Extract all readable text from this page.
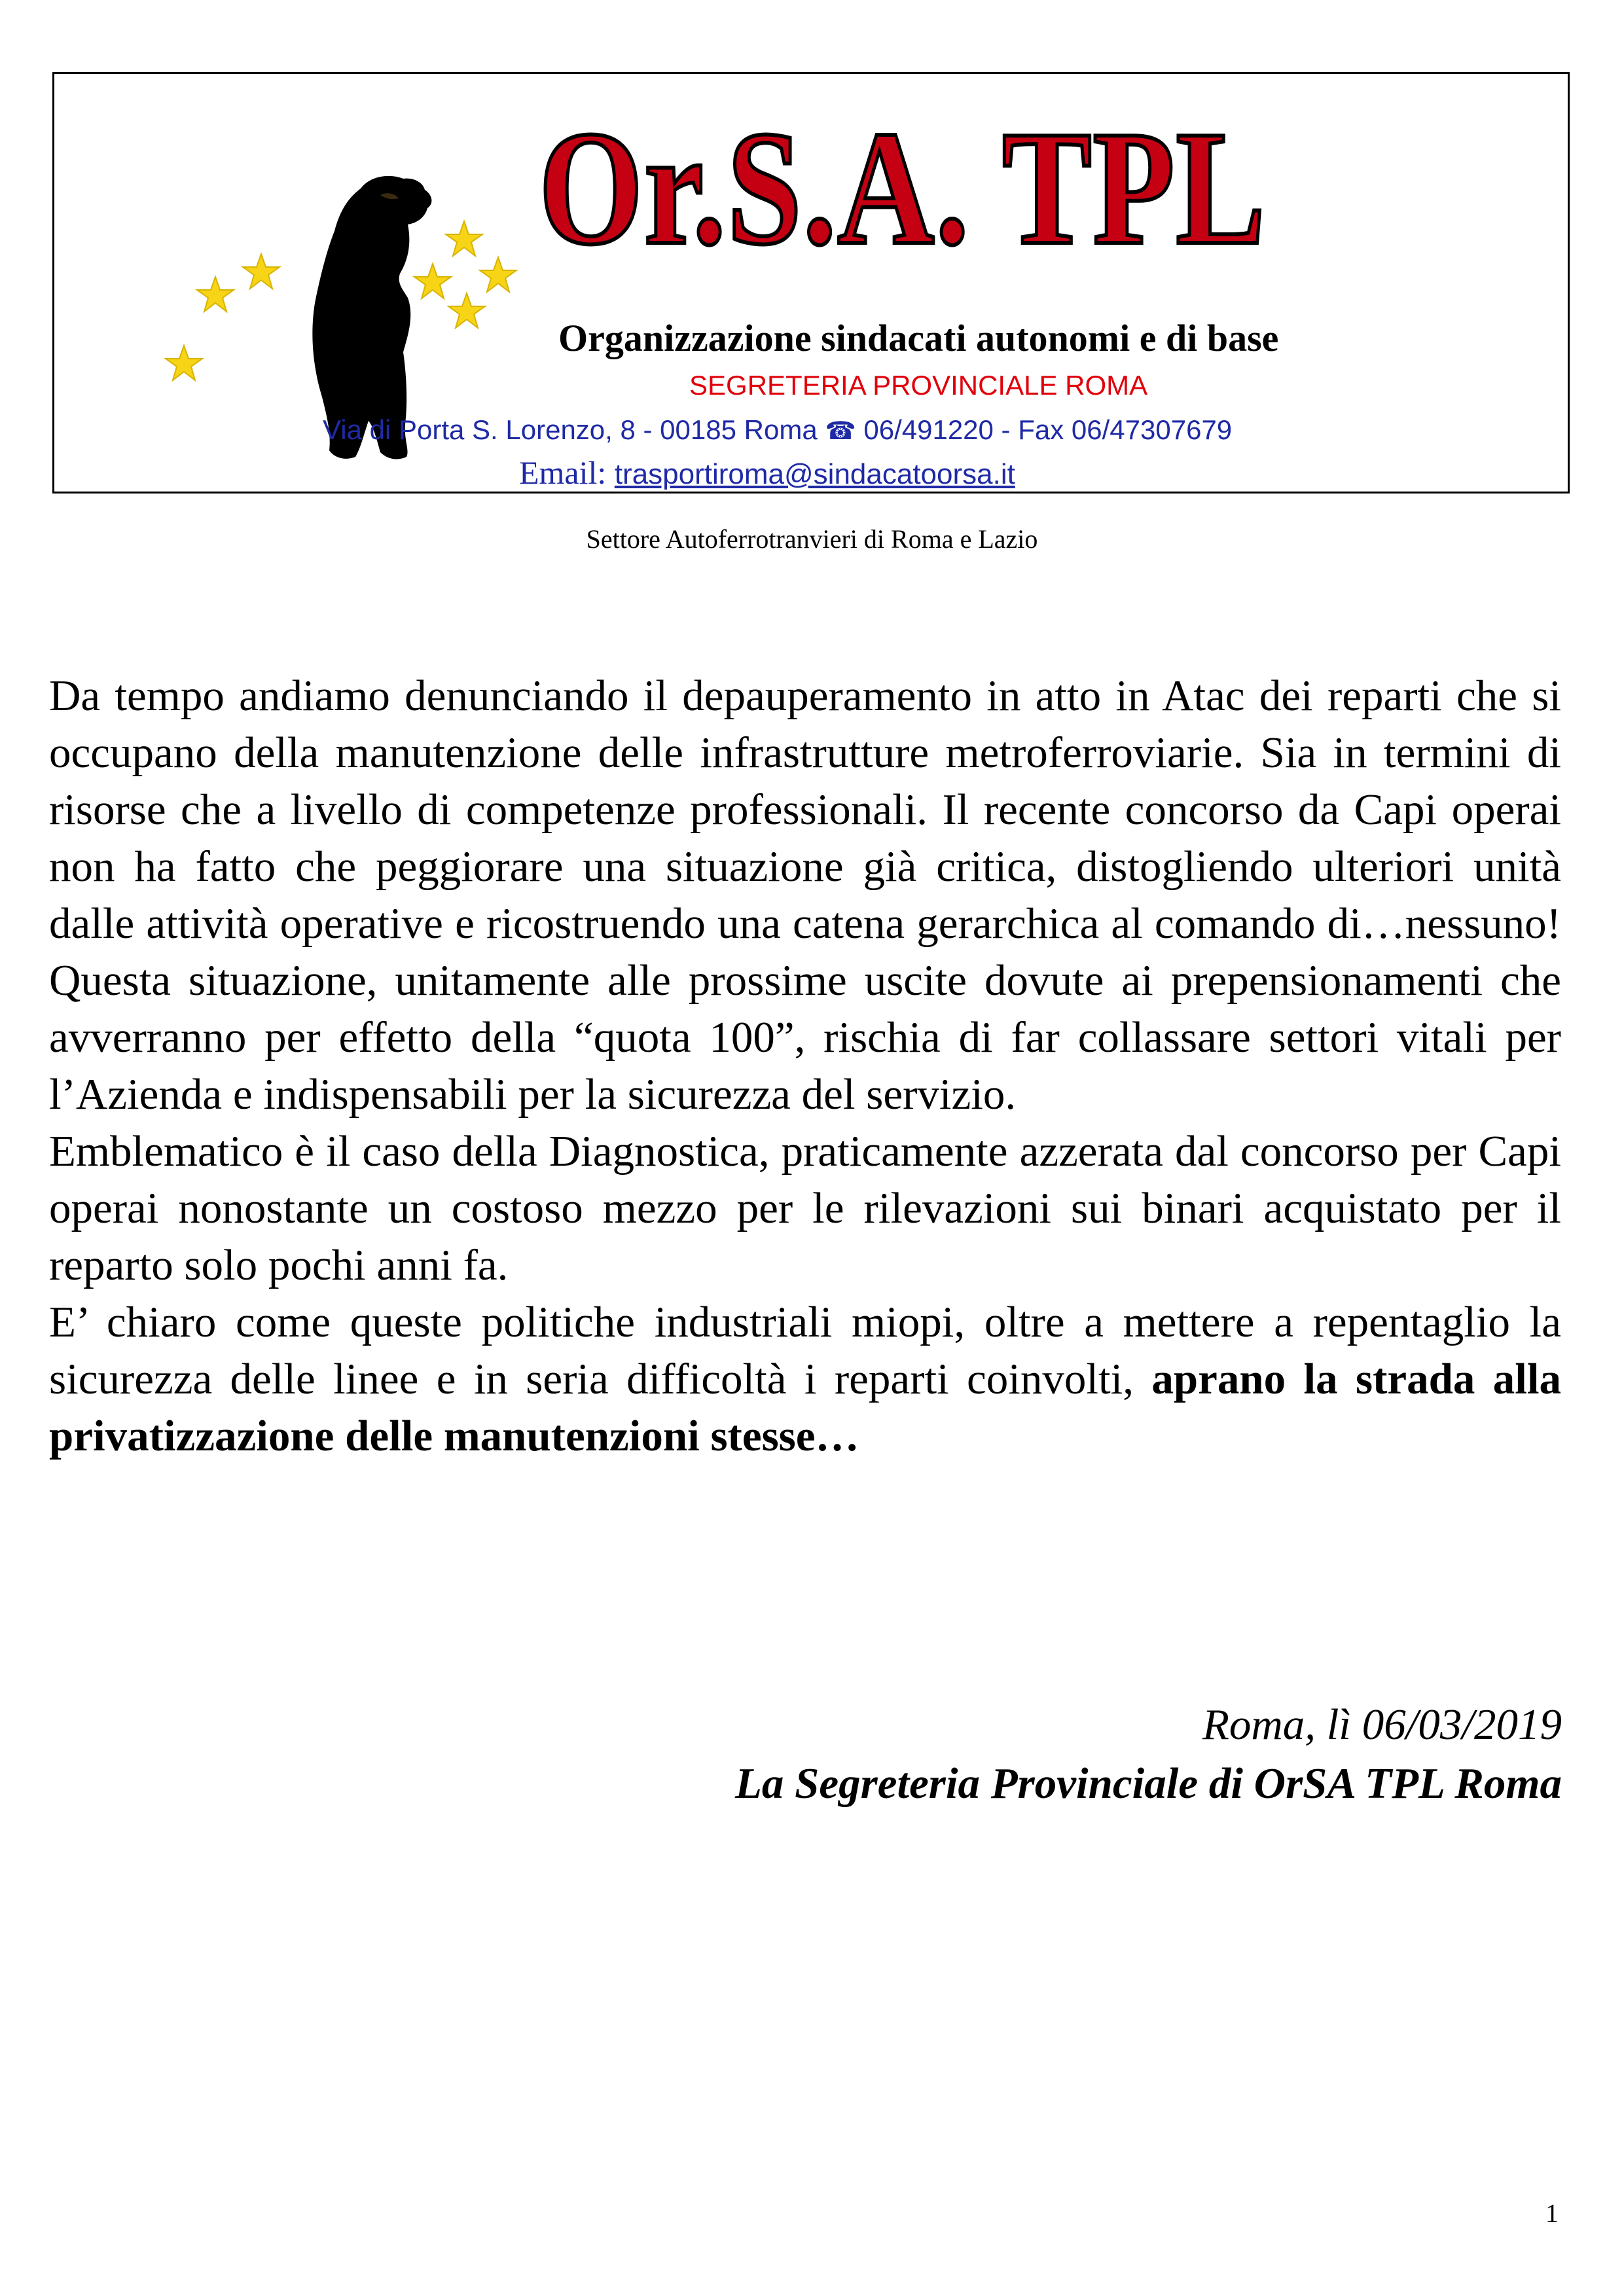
Or.S.A. TPL
Organizzazione sindacati autonomi e di base
SEGRETERIA PROVINCIALE ROMA
Via di Porta S. Lorenzo, 8 - 00185 Roma ☎ 06/491220 - Fax 06/47307679
Email: trasportiroma@sindacatoorsa.it
Settore Autoferrotranvieri di Roma e Lazio

Da tempo andiamo denunciando il depauperamento in atto in Atac dei reparti che si occupano della manutenzione delle infrastrutture metroferroviarie. Sia in termini di risorse che a livello di competenze professionali. Il recente concorso da Capi operai non ha fatto che peggiorare una situazione già critica, distogliendo ulteriori unità dalle attività operative e ricostruendo una catena gerarchica al comando di…nessuno! Questa situazione, unitamente alle prossime uscite dovute ai prepensionamenti che avverranno per effetto della “quota 100”, rischia di far collassare settori vitali per l’Azienda e indispensabili per la sicurezza del servizio.

Emblematico è il caso della Diagnostica, praticamente azzerata dal concorso per Capi operai nonostante un costoso mezzo per le rilevazioni sui binari acquistato per il reparto solo pochi anni fa.

E’ chiaro come queste politiche industriali miopi, oltre a mettere a repentaglio la sicurezza delle linee e in seria difficoltà i reparti coinvolti, aprano la strada alla privatizzazione delle manutenzioni stesse…

Roma, lì 06/03/2019
La Segreteria Provinciale di OrSA TPL Roma
1
